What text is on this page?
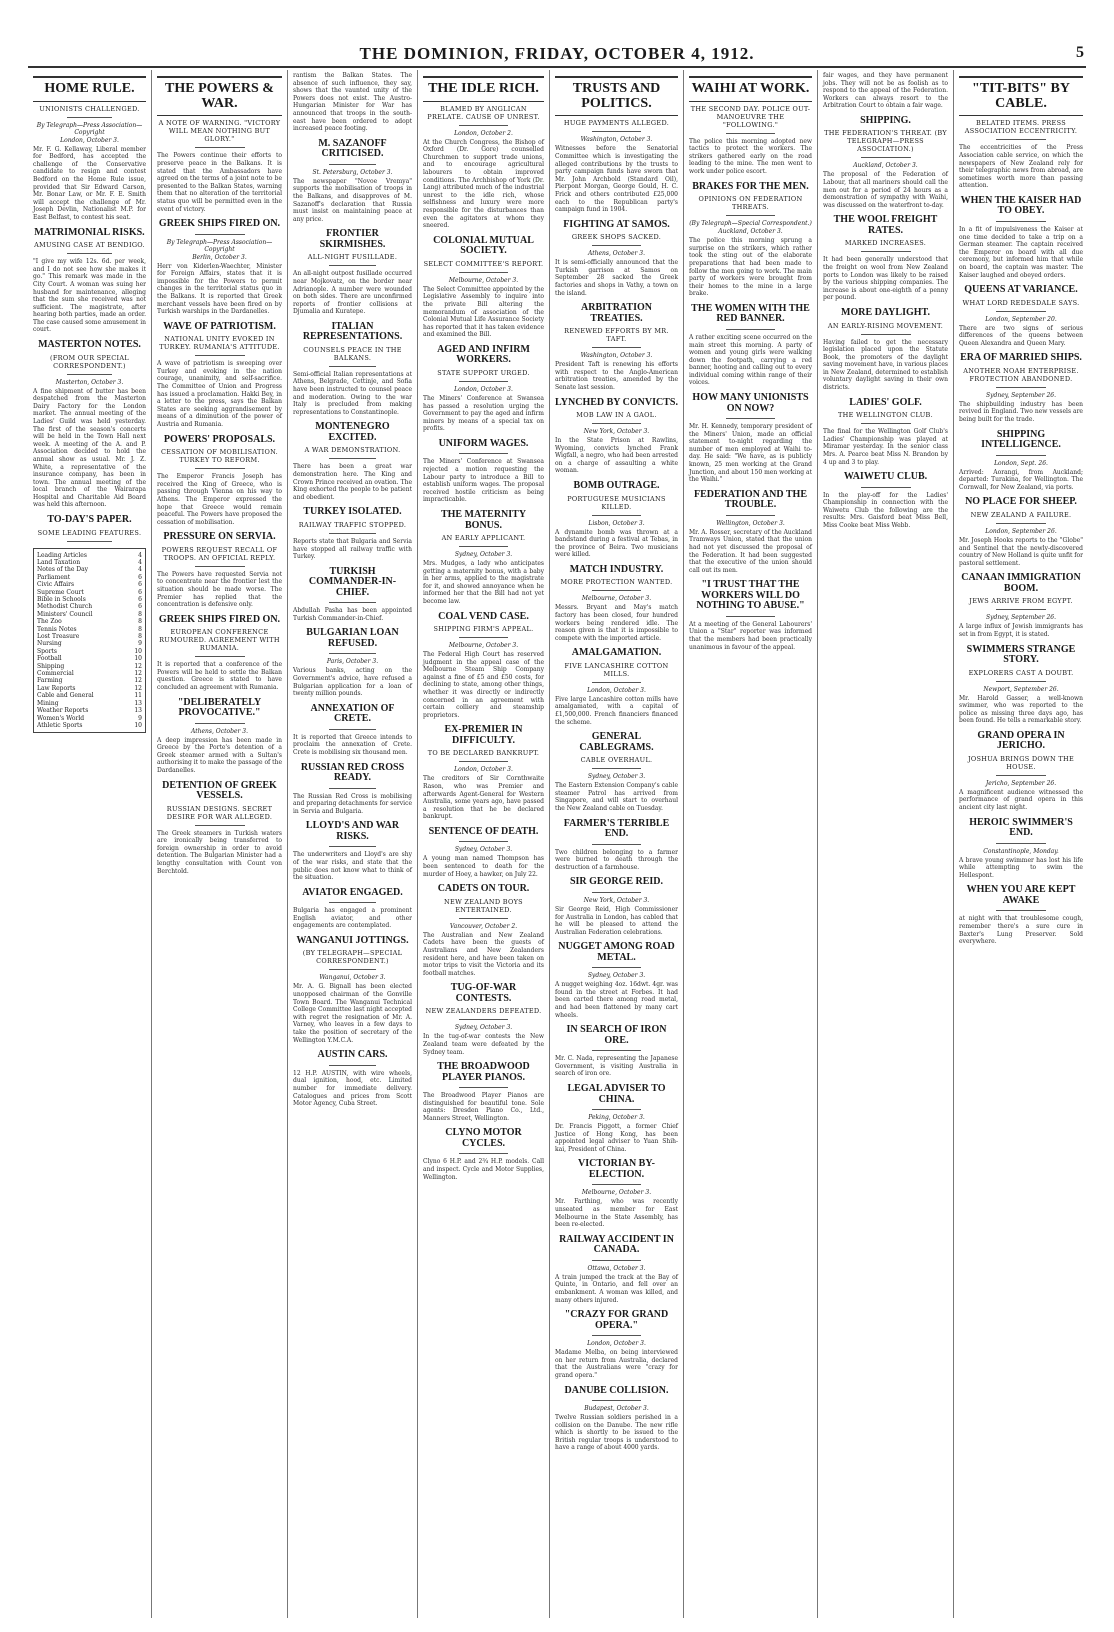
THE DOMINION, FRIDAY, OCTOBER 4, 1912.	5
HOME RULE.
UNIONISTS CHALLENGED.
By Telegraph—Press Association—Copyright
London, October 3.
Mr. F. G. Kellaway, Liberal member for Bedford, has accepted the challenge of the Conservative candidate to resign and contest Bedford on the Home Rule issue, provided that Sir Edward Carson, Mr. Bonar Law, or Mr. F. E. Smith will accept the challenge of Mr. Joseph Devlin, Nationalist M.P. for East Belfast, to contest his seat.
MATRIMONIAL RISKS.
AMUSING CASE AT BENDIGO.
"I give my wife 12s. 6d. per week, and I do not see how she makes it go." This remark was made in the City Court. A woman was suing her husband for maintenance, alleging that the sum she received was not sufficient. The magistrate, after hearing both parties, made an order. The case caused some amusement in court.
MASTERTON NOTES.
(FROM OUR SPECIAL CORRESPONDENT.)
Masterton, October 3.
A fine shipment of butter has been despatched from the Masterton Dairy Factory for the London market. The annual meeting of the Ladies' Guild was held yesterday. The first of the season's concerts will be held in the Town Hall next week. A meeting of the A. and P. Association decided to hold the annual show as usual. Mr. J. Z. White, a representative of the insurance company, has been in town. The annual meeting of the local branch of the Wairarapa Hospital and Charitable Aid Board was held this afternoon.
TO-DAY'S PAPER.
SOME LEADING FEATURES.
Leading Articles	4
Land Taxation	4
Notes of the Day	4
Parliament	6
Civic Affairs	6
Supreme Court	6
Bible in Schools	6
Methodist Church	6
Ministers' Council	8
The Zoo	8
Tennis Notes	8
Lost Treasure	8
Nursing	9
Sports	10
Football	10
Shipping	12
Commercial	12
Farming	12
Law Reports	12
Cable and General	11
Mining	13
Weather Reports	13
Women's World	9
Athletic Sports	10
THE POWERS & WAR.
A NOTE OF WARNING. "VICTORY WILL MEAN NOTHING BUT GLORY."
The Powers continue their efforts to preserve peace in the Balkans. It is stated that the Ambassadors have agreed on the terms of a joint note to be presented to the Balkan States, warning them that no alteration of the territorial status quo will be permitted even in the event of victory.
GREEK SHIPS FIRED ON.
By Telegraph—Press Association—Copyright
Berlin, October 3.
Herr von Kiderlen-Waechter, Minister for Foreign Affairs, states that it is impossible for the Powers to permit changes in the territorial status quo in the Balkans. It is reported that Greek merchant vessels have been fired on by Turkish warships in the Dardanelles.
WAVE OF PATRIOTISM.
NATIONAL UNITY EVOKED IN TURKEY. RUMANIA'S ATTITUDE.
A wave of patriotism is sweeping over Turkey and evoking in the nation courage, unanimity, and self-sacrifice. The Committee of Union and Progress has issued a proclamation. Hakki Bey, in a letter to the press, says the Balkan States are seeking aggrandisement by means of a diminution of the power of Austria and Rumania.
POWERS' PROPOSALS.
CESSATION OF MOBILISATION. TURKEY TO REFORM.
The Emperor Francis Joseph has received the King of Greece, who is passing through Vienna on his way to Athens. The Emperor expressed the hope that Greece would remain peaceful. The Powers have proposed the cessation of mobilisation.
PRESSURE ON SERVIA.
POWERS REQUEST RECALL OF TROOPS. AN OFFICIAL REPLY.
The Powers have requested Servia not to concentrate near the frontier lest the situation should be made worse. The Premier has replied that the concentration is defensive only.
GREEK SHIPS FIRED ON.
EUROPEAN CONFERENCE RUMOURED. AGREEMENT WITH RUMANIA.
It is reported that a conference of the Powers will be held to settle the Balkan question. Greece is stated to have concluded an agreement with Rumania.
"DELIBERATELY PROVOCATIVE."
Athens, October 3.
A deep impression has been made in Greece by the Porte's detention of a Greek steamer armed with a Sultan's authorising it to make the passage of the Dardanelles.
DETENTION OF GREEK VESSELS.
RUSSIAN DESIGNS. SECRET DESIRE FOR WAR ALLEGED.
The Greek steamers in Turkish waters are ironically being transferred to foreign ownership in order to avoid detention. The Bulgarian Minister had a lengthy consultation with Count von Berchtold.
rantism the Balkan States. The absence of such influence, they say, shows that the vaunted unity of the Powers does not exist. The Austro-Hungarian Minister for War has announced that troops in the south-east have been ordered to adopt increased peace footing.
M. SAZANOFF CRITICISED.
St. Petersburg, October 3.
The newspaper "Novoe Vremya" supports the mobilisation of troops in the Balkans, and disapproves of M. Sazanoff's declaration that Russia must insist on maintaining peace at any price.
FRONTIER SKIRMISHES.
ALL-NIGHT FUSILLADE.
An all-night outpost fusillade occurred near Mojkovatz, on the border near Adrianople. A number were wounded on both sides. There are unconfirmed reports of frontier collisions at Djumalia and Kuratepe.
ITALIAN REPRESENTATIONS.
COUNSELS PEACE IN THE BALKANS.
Semi-official Italian representations at Athens, Belgrade, Cettinje, and Sofia have been instructed to counsel peace and moderation. Owing to the war Italy is precluded from making representations to Constantinople.
MONTENEGRO EXCITED.
A WAR DEMONSTRATION.
There has been a great war demonstration here. The King and Crown Prince received an ovation. The King exhorted the people to be patient and obedient.
TURKEY ISOLATED.
RAILWAY TRAFFIC STOPPED.
Reports state that Bulgaria and Servia have stopped all railway traffic with Turkey.
TURKISH COMMANDER-IN-CHIEF.
Abdullah Pasha has been appointed Turkish Commander-in-Chief.
BULGARIAN LOAN REFUSED.
Paris, October 3.
Various banks, acting on the Government's advice, have refused a Bulgarian application for a loan of twenty million pounds.
ANNEXATION OF CRETE.
It is reported that Greece intends to proclaim the annexation of Crete. Crete is mobilising six thousand men.
RUSSIAN RED CROSS READY.
The Russian Red Cross is mobilising and preparing detachments for service in Servia and Bulgaria.
LLOYD'S AND WAR RISKS.
The underwriters and Lloyd's are shy of the war risks, and state that the public does not know what to think of the situation.
AVIATOR ENGAGED.
Bulgaria has engaged a prominent English aviator, and other engagements are contemplated.
WANGANUI JOTTINGS.
(BY TELEGRAPH—SPECIAL CORRESPONDENT.)
Wanganui, October 3.
Mr. A. G. Bignall has been elected unopposed chairman of the Gonville Town Board. The Wanganui Technical College Committee last night accepted with regret the resignation of Mr. A. Varney, who leaves in a few days to take the position of secretary of the Wellington Y.M.C.A.
AUSTIN CARS.
12 H.P. AUSTIN, with wire wheels, dual ignition, hood, etc. Limited number for immediate delivery. Catalogues and prices from Scott Motor Agency, Cuba Street.
THE IDLE RICH.
BLAMED BY ANGLICAN PRELATE. CAUSE OF UNREST.
London, October 2.
At the Church Congress, the Bishop of Oxford (Dr. Gore) counselled Churchmen to support trade unions, and to encourage agricultural labourers to obtain improved conditions. The Archbishop of York (Dr. Lang) attributed much of the industrial unrest to the idle rich, whose selfishness and luxury were more responsible for the disturbances than even the agitators at whom they sneered.
COLONIAL MUTUAL SOCIETY.
SELECT COMMITTEE'S REPORT.
Melbourne, October 3.
The Select Committee appointed by the Legislative Assembly to inquire into the private Bill altering the memorandum of association of the Colonial Mutual Life Assurance Society has reported that it has taken evidence and examined the Bill.
AGED AND INFIRM WORKERS.
STATE SUPPORT URGED.
London, October 3.
The Miners' Conference at Swansea has passed a resolution urging the Government to pay the aged and infirm miners by means of a special tax on profits.
UNIFORM WAGES.
The Miners' Conference at Swansea rejected a motion requesting the Labour party to introduce a Bill to establish uniform wages. The proposal received hostile criticism as being impracticable.
THE MATERNITY BONUS.
AN EARLY APPLICANT.
Sydney, October 3.
Mrs. Mudges, a lady who anticipates getting a maternity bonus, with a baby in her arms, applied to the magistrate for it, and showed annoyance when he informed her that the Bill had not yet become law.
COAL VEND CASE.
SHIPPING FIRM'S APPEAL.
Melbourne, October 3.
The Federal High Court has reserved judgment in the appeal case of the Melbourne Steam Ship Company against a fine of £5 and £50 costs, for declining to state, among other things, whether it was directly or indirectly concerned in an agreement with certain colliery and steamship proprietors.
EX-PREMIER IN DIFFICULTY.
TO BE DECLARED BANKRUPT.
London, October 3.
The creditors of Sir Cornthwaite Rason, who was Premier and afterwards Agent-General for Western Australia, some years ago, have passed a resolution that he be declared bankrupt.
SENTENCE OF DEATH.
Sydney, October 3.
A young man named Thompson has been sentenced to death for the murder of Hoey, a hawker, on July 22.
CADETS ON TOUR.
NEW ZEALAND BOYS ENTERTAINED.
Vancouver, October 2.
The Australian and New Zealand Cadets have been the guests of Australians and New Zealanders resident here, and have been taken on motor trips to visit the Victoria and its football matches.
TUG-OF-WAR CONTESTS.
NEW ZEALANDERS DEFEATED.
Sydney, October 3.
In the tug-of-war contests the New Zealand team were defeated by the Sydney team.
THE BROADWOOD PLAYER PIANOS.
The Broadwood Player Pianos are distinguished for beautiful tone. Sole agents: Dresden Piano Co., Ltd., Manners Street, Wellington.
CLYNO MOTOR CYCLES.
Clyno 6 H.P. and 2¾ H.P. models. Call and inspect. Cycle and Motor Supplies, Wellington.
TRUSTS AND POLITICS.
HUGE PAYMENTS ALLEGED.
Washington, October 3.
Witnesses before the Senatorial Committee which is investigating the alleged contributions by the trusts to party campaign funds have sworn that Mr. John Archbold (Standard Oil), Pierpont Morgan, George Gould, H. C. Frick and others contributed £25,000 each to the Republican party's campaign fund in 1904.
FIGHTING AT SAMOS.
GREEK SHOPS SACKED.
Athens, October 3.
It is semi-officially announced that the Turkish garrison at Samos on September 28 sacked the Greek factories and shops in Vathy, a town on the island.
ARBITRATION TREATIES.
RENEWED EFFORTS BY MR. TAFT.
Washington, October 3.
President Taft is renewing his efforts with respect to the Anglo-American arbitration treaties, amended by the Senate last session.
LYNCHED BY CONVICTS.
MOB LAW IN A GAOL.
New York, October 3.
In the State Prison at Rawlins, Wyoming, convicts lynched Frank Wigfall, a negro, who had been arrested on a charge of assaulting a white woman.
BOMB OUTRAGE.
PORTUGUESE MUSICIANS KILLED.
Lisbon, October 3.
A dynamite bomb was thrown at a bandstand during a festival at Tebas, in the province of Beira. Two musicians were killed.
MATCH INDUSTRY.
MORE PROTECTION WANTED.
Melbourne, October 3.
Messrs. Bryant and May's match factory has been closed, four hundred workers being rendered idle. The reason given is that it is impossible to compete with the imported article.
AMALGAMATION.
FIVE LANCASHIRE COTTON MILLS.
London, October 3.
Five large Lancashire cotton mills have amalgamated, with a capital of £1,500,000. French financiers financed the scheme.
GENERAL CABLEGRAMS.
CABLE OVERHAUL.
Sydney, October 3.
The Eastern Extension Company's cable steamer Patrol has arrived from Singapore, and will start to overhaul the New Zealand cable on Tuesday.
FARMER'S TERRIBLE END.
Two children belonging to a farmer were burned to death through the destruction of a farmhouse.
SIR GEORGE REID.
New York, October 3.
Sir George Reid, High Commissioner for Australia in London, has cabled that he will be pleased to attend the Australian Federation celebrations.
NUGGET AMONG ROAD METAL.
Sydney, October 3.
A nugget weighing 4oz. 16dwt. 4gr. was found in the street at Forbes. It had been carted there among road metal, and had been flattened by many cart wheels.
IN SEARCH OF IRON ORE.
Mr. C. Nada, representing the Japanese Government, is visiting Australia in search of iron ore.
LEGAL ADVISER TO CHINA.
Peking, October 3.
Dr. Francis Piggott, a former Chief Justice of Hong Kong, has been appointed legal adviser to Yuan Shih-kai, President of China.
VICTORIAN BY-ELECTION.
Melbourne, October 3.
Mr. Farthing, who was recently unseated as member for East Melbourne in the State Assembly, has been re-elected.
RAILWAY ACCIDENT IN CANADA.
Ottawa, October 3.
A train jumped the track at the Bay of Quinte, in Ontario, and fell over an embankment. A woman was killed, and many others injured.
"CRAZY FOR GRAND OPERA."
London, October 3.
Madame Melba, on being interviewed on her return from Australia, declared that the Australians were "crazy for grand opera."
DANUBE COLLISION.
Budapest, October 3.
Twelve Russian soldiers perished in a collision on the Danube. The new rifle which is shortly to be issued to the British regular troops is understood to have a range of about 4000 yards.
WAIHI AT WORK.
THE SECOND DAY. POLICE OUT-MANOEUVRE THE "FOLLOWING."
The police this morning adopted new tactics to protect the workers. The strikers gathered early on the road leading to the mine. The men went to work under police escort.
BRAKES FOR THE MEN.
OPINIONS ON FEDERATION THREATS.
(By Telegraph—Special Correspondent.)
Auckland, October 3.
The police this morning sprung a surprise on the strikers, which rather took the sting out of the elaborate preparations that had been made to follow the men going to work. The main party of workers were brought from their homes to the mine in a large brake.
THE WOMEN WITH THE RED BANNER.
A rather exciting scene occurred on the main street this morning. A party of women and young girls were walking down the footpath, carrying a red banner, hooting and calling out to every individual coming within range of their voices.
HOW MANY UNIONISTS ON NOW?
Mr. H. Kennedy, temporary president of the Miners' Union, made an official statement to-night regarding the number of men employed at Waihi to-day. He said: "We have, as is publicly known, 25 men working at the Grand Junction, and about 150 men working at the Waihi."
FEDERATION AND THE TROUBLE.
Wellington, October 3.
Mr. A. Rosser, secretary of the Auckland Tramways Union, stated that the union had not yet discussed the proposal of the Federation. It had been suggested that the executive of the union should call out its men.
"I TRUST THAT THE WORKERS WILL DO NOTHING TO ABUSE."
At a meeting of the General Labourers' Union a "Star" reporter was informed that the members had been practically unanimous in favour of the appeal.
fair wages, and they have permanent jobs. They will not be as foolish as to respond to the appeal of the Federation. Workers can always resort to the Arbitration Court to obtain a fair wage.
SHIPPING.
THE FEDERATION'S THREAT. (BY TELEGRAPH—PRESS ASSOCIATION.)
Auckland, October 3.
The proposal of the Federation of Labour, that all mariners should call the men out for a period of 24 hours as a demonstration of sympathy with Waihi, was discussed on the waterfront to-day.
THE WOOL FREIGHT RATES.
MARKED INCREASES.
It had been generally understood that the freight on wool from New Zealand ports to London was likely to be raised by the various shipping companies. The increase is about one-eighth of a penny per pound.
MORE DAYLIGHT.
AN EARLY-RISING MOVEMENT.
Having failed to get the necessary legislation placed upon the Statute Book, the promoters of the daylight saving movement have, in various places in New Zealand, determined to establish voluntary daylight saving in their own districts.
LADIES' GOLF.
THE WELLINGTON CLUB.
The final for the Wellington Golf Club's Ladies' Championship was played at Miramar yesterday. In the senior class Mrs. A. Pearce beat Miss N. Brandon by 4 up and 3 to play.
WAIWETU CLUB.
In the play-off for the Ladies' Championship in connection with the Waiwetu Club the following are the results: Mrs. Gaisford beat Miss Bell, Miss Cooke beat Miss Webb.
"TIT-BITS" BY CABLE.
BELATED ITEMS. PRESS ASSOCIATION ECCENTRICITY.
The eccentricities of the Press Association cable service, on which the newspapers of New Zealand rely for their telegraphic news from abroad, are sometimes worth more than passing attention.
WHEN THE KAISER HAD TO OBEY.
In a fit of impulsiveness the Kaiser at one time decided to take a trip on a German steamer. The captain received the Emperor on board with all due ceremony, but informed him that while on board, the captain was master. The Kaiser laughed and obeyed orders.
QUEENS AT VARIANCE.
WHAT LORD REDESDALE SAYS.
London, September 20.
There are two signs of serious differences of the queens between Queen Alexandra and Queen Mary.
ERA OF MARRIED SHIPS.
ANOTHER NOAH ENTERPRISE. FROTECTION ABANDONED.
Sydney, September 26.
The shipbuilding industry has been revived in England. Two new vessels are being built for the trade.
SHIPPING INTELLIGENCE.
London, Sept. 26.
Arrived: Aorangi, from Auckland; departed: Turakina, for Wellington. The Cornwall, for New Zealand, via ports.
NO PLACE FOR SHEEP.
NEW ZEALAND A FAILURE.
London, September 26.
Mr. Joseph Hooks reports to the "Globe" and Sentinel that the newly-discovered country of New Holland is quite unfit for pastoral settlement.
CANAAN IMMIGRATION BOOM.
JEWS ARRIVE FROM EGYPT.
Sydney, September 26.
A large influx of Jewish immigrants has set in from Egypt, it is stated.
SWIMMERS STRANGE STORY.
EXPLORERS CAST A DOUBT.
Newport, September 26.
Mr. Harold Gasser, a well-known swimmer, who was reported to the police as missing three days ago, has been found. He tells a remarkable story.
GRAND OPERA IN JERICHO.
JOSHUA BRINGS DOWN THE HOUSE.
Jericho, September 26.
A magnificent audience witnessed the performance of grand opera in this ancient city last night.
HEROIC SWIMMER'S END.
Constantinople, Monday.
A brave young swimmer has lost his life while attempting to swim the Hellespont.
WHEN YOU ARE KEPT AWAKE
at night with that troublesome cough, remember there's a sure cure in Baxter's Lung Preserver. Sold everywhere.
